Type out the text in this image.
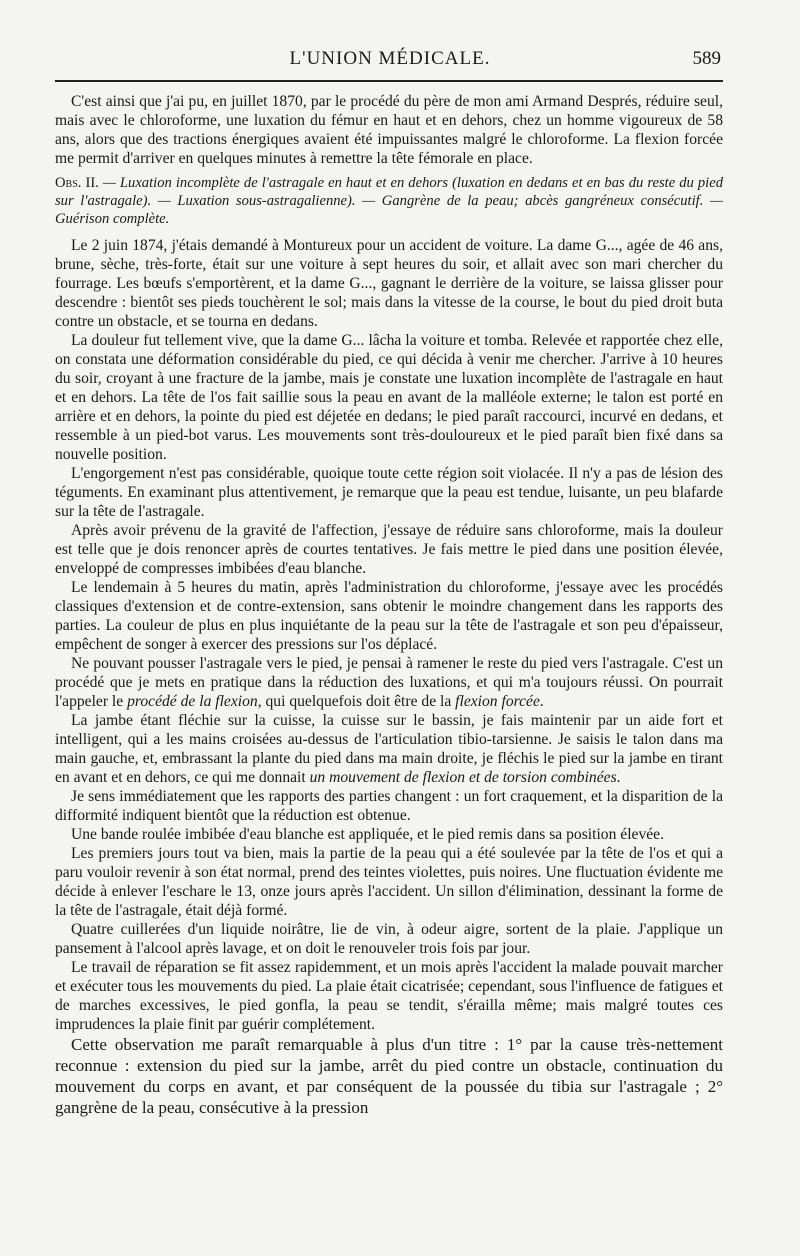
L'UNION MÉDICALE.	589

C'est ainsi que j'ai pu, en juillet 1870, par le procédé du père de mon ami Armand Després, réduire seul, mais avec le chloroforme, une luxation du fémur en haut et en dehors, chez un homme vigoureux de 58 ans, alors que des tractions énergiques avaient été impuissantes malgré le chloroforme. La flexion forcée me permit d'arriver en quelques minutes à remettre la tête fémorale en place.

Obs. II. — Luxation incomplète de l'astragale en haut et en dehors (luxation en dedans et en bas du reste du pied sur l'astragale). — Luxation sous-astragalienne). — Gangrène de la peau; abcès gangréneux consécutif. — Guérison complète.

Le 2 juin 1874, j'étais demandé à Montureux pour un accident de voiture. La dame G..., agée de 46 ans, brune, sèche, très-forte, était sur une voiture à sept heures du soir, et allait avec son mari chercher du fourrage. Les bœufs s'emportèrent, et la dame G..., gagnant le derrière de la voiture, se laissa glisser pour descendre : bientôt ses pieds touchèrent le sol; mais dans la vitesse de la course, le bout du pied droit buta contre un obstacle, et se tourna en dedans.

La douleur fut tellement vive, que la dame G... lâcha la voiture et tomba. Relevée et rapportée chez elle, on constata une déformation considérable du pied, ce qui décida à venir me chercher. J'arrive à 10 heures du soir, croyant à une fracture de la jambe, mais je constate une luxation incomplète de l'astragale en haut et en dehors. La tête de l'os fait saillie sous la peau en avant de la malléole externe; le talon est porté en arrière et en dehors, la pointe du pied est déjetée en dedans; le pied paraît raccourci, incurvé en dedans, et ressemble à un pied-bot varus. Les mouvements sont très-douloureux et le pied paraît bien fixé dans sa nouvelle position.

L'engorgement n'est pas considérable, quoique toute cette région soit violacée. Il n'y a pas de lésion des téguments. En examinant plus attentivement, je remarque que la peau est tendue, luisante, un peu blafarde sur la tête de l'astragale.

Après avoir prévenu de la gravité de l'affection, j'essaye de réduire sans chloroforme, mais la douleur est telle que je dois renoncer après de courtes tentatives. Je fais mettre le pied dans une position élevée, enveloppé de compresses imbibées d'eau blanche.

Le lendemain à 5 heures du matin, après l'administration du chloroforme, j'essaye avec les procédés classiques d'extension et de contre-extension, sans obtenir le moindre changement dans les rapports des parties. La couleur de plus en plus inquiétante de la peau sur la tête de l'astragale et son peu d'épaisseur, empêchent de songer à exercer des pressions sur l'os déplacé.

Ne pouvant pousser l'astragale vers le pied, je pensai à ramener le reste du pied vers l'astragale. C'est un procédé que je mets en pratique dans la réduction des luxations, et qui m'a toujours réussi. On pourrait l'appeler le procédé de la flexion, qui quelquefois doit être de la flexion forcée.

La jambe étant fléchie sur la cuisse, la cuisse sur le bassin, je fais maintenir par un aide fort et intelligent, qui a les mains croisées au-dessus de l'articulation tibio-tarsienne. Je saisis le talon dans ma main gauche, et, embrassant la plante du pied dans ma main droite, je fléchis le pied sur la jambe en tirant en avant et en dehors, ce qui me donnait un mouvement de flexion et de torsion combinées.

Je sens immédiatement que les rapports des parties changent : un fort craquement, et la disparition de la difformité indiquent bientôt que la réduction est obtenue.

Une bande roulée imbibée d'eau blanche est appliquée, et le pied remis dans sa position élevée.

Les premiers jours tout va bien, mais la partie de la peau qui a été soulevée par la tête de l'os et qui a paru vouloir revenir à son état normal, prend des teintes violettes, puis noires. Une fluctuation évidente me décide à enlever l'eschare le 13, onze jours après l'accident. Un sillon d'élimination, dessinant la forme de la tête de l'astragale, était déjà formé.

Quatre cuillerées d'un liquide noirâtre, lie de vin, à odeur aigre, sortent de la plaie. J'applique un pansement à l'alcool après lavage, et on doit le renouveler trois fois par jour.

Le travail de réparation se fit assez rapidemment, et un mois après l'accident la malade pouvait marcher et exécuter tous les mouvements du pied. La plaie était cicatrisée; cependant, sous l'influence de fatigues et de marches excessives, le pied gonfla, la peau se tendit, s'érailla même; mais malgré toutes ces imprudences la plaie finit par guérir complétement.

Cette observation me paraît remarquable à plus d'un titre : 1° par la cause très-nettement reconnue : extension du pied sur la jambe, arrêt du pied contre un obstacle, continuation du mouvement du corps en avant, et par conséquent de la poussée du tibia sur l'astragale ; 2° gangrène de la peau, consécutive à la pression
